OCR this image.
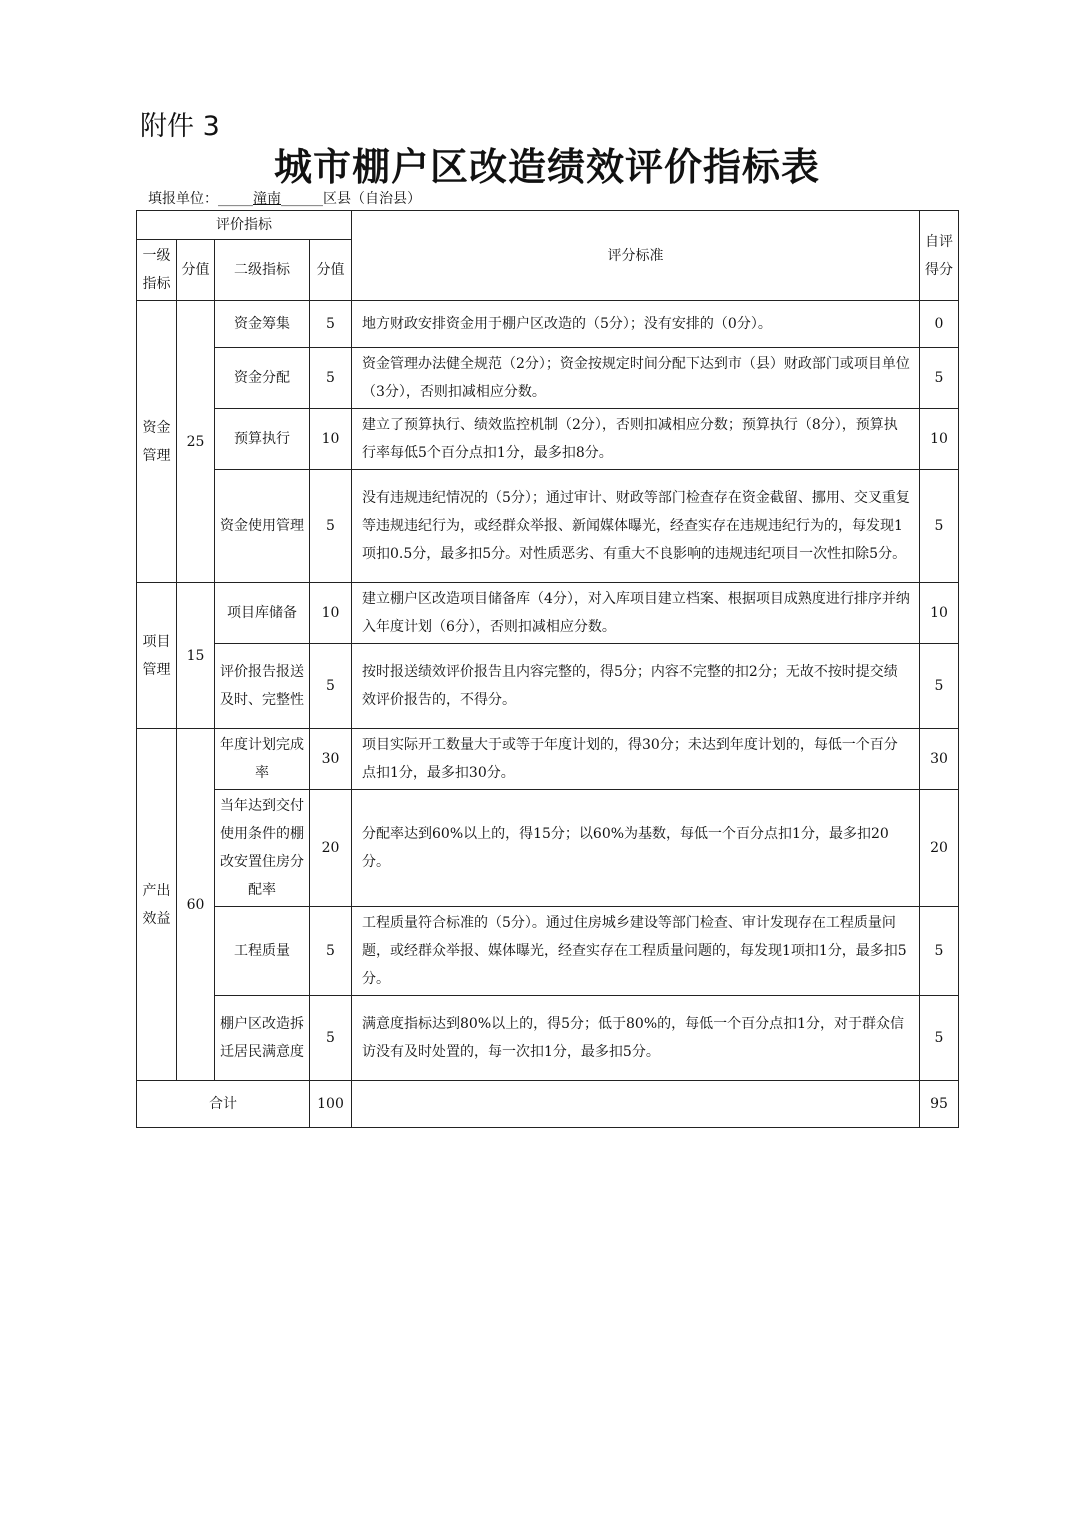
附件 3
城市棚户区改造绩效评价指标表
填报单位：_____潼南______区县（自治县）
评价指标				评分标准	自评得分
一级指标	分值	二级指标	分值		
资金管理	25	资金筹集	5	地方财政安排资金用于棚户区改造的（5分）；没有安排的（0分）。	0
		资金分配	5	资金管理办法健全规范（2分）；资金按规定时间分配下达到市（县）财政部门或项目单位（3分），否则扣减相应分数。	5
		预算执行	10	建立了预算执行、绩效监控机制（2分），否则扣减相应分数；预算执行（8分），预算执行率每低5个百分点扣1分，最多扣8分。	10
		资金使用管理	5	没有违规违纪情况的（5分）；通过审计、财政等部门检查存在资金截留、挪用、交叉重复等违规违纪行为，或经群众举报、新闻媒体曝光，经查实存在违规违纪行为的，每发现1项扣0.5分，最多扣5分。对性质恶劣、有重大不良影响的违规违纪项目一次性扣除5分。	5
项目管理	15	项目库储备	10	建立棚户区改造项目储备库（4分），对入库项目建立档案、根据项目成熟度进行排序并纳入年度计划（6分），否则扣减相应分数。	10
		评价报告报送及时、完整性	5	按时报送绩效评价报告且内容完整的，得5分；内容不完整的扣2分；无故不按时提交绩效评价报告的，不得分。	5
产出效益	60	年度计划完成率	30	项目实际开工数量大于或等于年度计划的，得30分；未达到年度计划的，每低一个百分点扣1分，最多扣30分。	30
		当年达到交付使用条件的棚改安置住房分配率	20	分配率达到60%以上的，得15分；以60%为基数，每低一个百分点扣1分，最多扣20分。	20
		工程质量	5	工程质量符合标准的（5分）。通过住房城乡建设等部门检查、审计发现存在工程质量问题，或经群众举报、媒体曝光，经查实存在工程质量问题的，每发现1项扣1分，最多扣5分。	5
		棚户区改造拆迁居民满意度	5	满意度指标达到80%以上的，得5分；低于80%的，每低一个百分点扣1分，对于群众信访没有及时处置的，每一次扣1分，最多扣5分。	5
合计			100		95
